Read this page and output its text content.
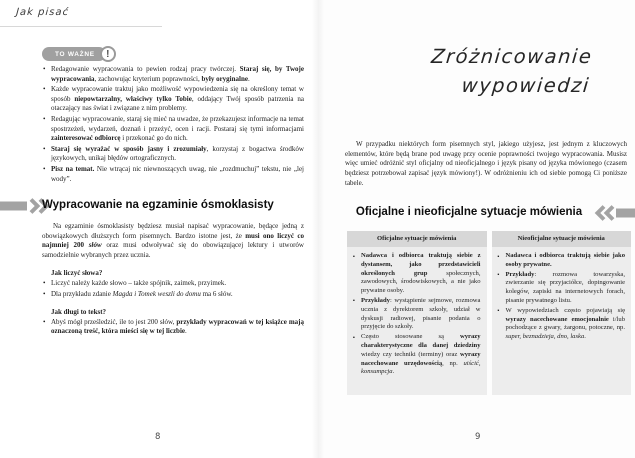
Jak pisać
TO WAŻNE	!
• Redagowanie wypracowania to pewien rodzaj pracy twórczej. Staraj się, by Twoje wypracowania, zachowując kryterium poprawności, były oryginalne.
• Każde wypracowanie traktuj jako możliwość wypowiedzenia się na określony temat w sposób niepowtarzalny, właściwy tylko Tobie, oddający Twój sposób patrzenia na otaczający nas świat i związane z nim problemy.
• Redagując wypracowanie, staraj się mieć na uwadze, że przekazujesz informacje na temat spostrzeżeń, wydarzeń, doznań i przeżyć, ocen i racji. Postaraj się tymi informacjami zainteresować odbiorcę i przekonać go do nich.
• Staraj się wyrażać w sposób jasny i zrozumiały, korzystaj z bogactwa środków językowych, unikaj błędów ortograficznych.
• Pisz na temat. Nie wtrącaj nic niewnoszących uwag, nie „rozdmuchuj” tekstu, nie „lej wody”.
Wypracowanie na egzaminie ósmoklasisty

Na egzaminie ósmoklasisty będziesz musiał napisać wypracowanie, będące jedną z obowiązkowych dłuższych form pisemnych. Bardzo istotne jest, że musi ono liczyć co najmniej 200 słów oraz musi odwoływać się do obowiązującej lektury i utworów samodzielnie wybranych przez ucznia.

Jak liczyć słowa?
• Liczyć należy każde słowo – także spójnik, zaimek, przyimek.
• Dla przykładu zdanie Magda i Tomek weszli do domu ma 6 słów.
Jak długi to tekst?
• Abyś mógł prześledzić, ile to jest 200 słów, przykłady wypracowań w tej książce mają oznaczoną treść, która mieści się w tej liczbie.
8
Zróżnicowanie
wypowiedzi

W przypadku niektórych form pisemnych styl, jakiego użyjesz, jest jednym z kluczowych elementów, które będą brane pod uwagę przy ocenie poprawności twojego wypracowania. Musisz więc umieć odróżnić styl oficjalny od nieoficjalnego i język pisany od języka mówionego (czasem będziesz potrzebował zapisać język mówiony!). W odróżnieniu ich od siebie pomogą Ci poniższe tabele.

Oficjalne i nieoficjalne sytuacje mówienia
Oficjalne sytuacje mówienia	Nieoficjalne sytuacje mówienia
▪ Nadawca i odbiorca traktują siebie z dystansem, jako przedstawicieli określonych grup społecznych, zawodowych, środowiskowych, a nie jako prywatne osoby.
▪ Przykłady: wystąpienie sejmowe, rozmowa ucznia z dyrektorem szkoły, udział w dyskusji radiowej, pisanie podania o przyjęcie do szkoły.
▪ Często stosowane są wyrazy charakterystyczne dla danej dziedziny wiedzy czy techniki (terminy) oraz wyrazy nacechowane urzędowością, np. uiścić, konsumpcja.
▪ Nadawca i odbiorca traktują siebie jako osoby prywatne.
▪ Przykłady: rozmowa towarzyska, zwierzanie się przyjaciółce, dopingowanie kolegów, zapiski na internetowych forach, pisanie prywatnego listu.
▪ W wypowiedziach często pojawiają się wyrazy nacechowane emocjonalnie i/lub pochodzące z gwary, żargonu, potoczne, np. super, beznadzieja, dno, laska.
9
